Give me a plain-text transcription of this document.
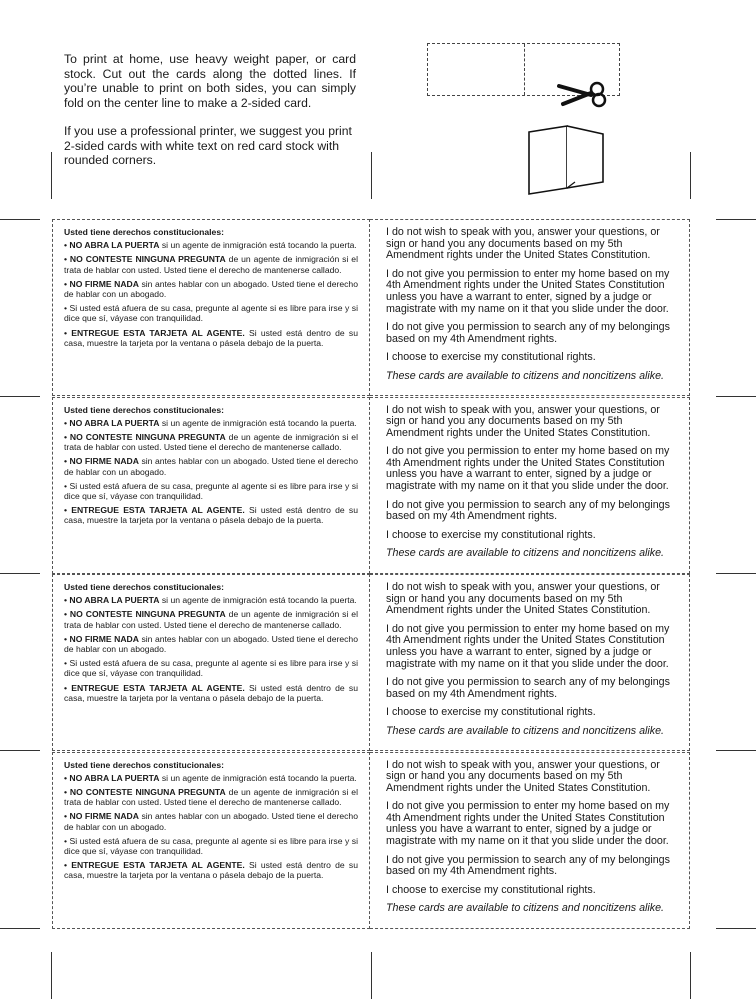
To print at home, use heavy weight paper, or card stock. Cut out the cards along the dotted lines. If you’re unable to print on both sides, you can simply fold on the center line to make a 2-sided card.

If you use a professional printer, we suggest you print 2-sided cards with white text on red card stock with rounded corners.

Usted tiene derechos constitucionales:
• NO ABRA LA PUERTA si un agente de inmigración está tocando la puerta.
• NO CONTESTE NINGUNA PREGUNTA de un agente de inmigración si el trata de hablar con usted. Usted tiene el derecho de mantenerse callado.
• NO FIRME NADA sin antes hablar con un abogado. Usted tiene el derecho de hablar con un abogado.
• Si usted está afuera de su casa, pregunte al agente si es libre para irse y si dice que sí, váyase con tranquilidad.
• ENTREGUE ESTA TARJETA AL AGENTE. Si usted está dentro de su casa, muestre la tarjeta por la ventana o pásela debajo de la puerta.
I do not wish to speak with you, answer your questions, or sign or hand you any documents based on my 5th Amendment rights under the United States Constitution.
I do not give you permission to enter my home based on my 4th Amendment rights under the United States Constitution unless you have a warrant to enter, signed by a judge or magistrate with my name on it that you slide under the door.
I do not give you permission to search any of my belongings based on my 4th Amendment rights.
I choose to exercise my constitutional rights.
These cards are available to citizens and noncitizens alike.
Usted tiene derechos constitucionales:
• NO ABRA LA PUERTA si un agente de inmigración está tocando la puerta.
• NO CONTESTE NINGUNA PREGUNTA de un agente de inmigración si el trata de hablar con usted. Usted tiene el derecho de mantenerse callado.
• NO FIRME NADA sin antes hablar con un abogado. Usted tiene el derecho de hablar con un abogado.
• Si usted está afuera de su casa, pregunte al agente si es libre para irse y si dice que sí, váyase con tranquilidad.
• ENTREGUE ESTA TARJETA AL AGENTE. Si usted está dentro de su casa, muestre la tarjeta por la ventana o pásela debajo de la puerta.
I do not wish to speak with you, answer your questions, or sign or hand you any documents based on my 5th Amendment rights under the United States Constitution.
I do not give you permission to enter my home based on my 4th Amendment rights under the United States Constitution unless you have a warrant to enter, signed by a judge or magistrate with my name on it that you slide under the door.
I do not give you permission to search any of my belongings based on my 4th Amendment rights.
I choose to exercise my constitutional rights.
These cards are available to citizens and noncitizens alike.
Usted tiene derechos constitucionales:
• NO ABRA LA PUERTA si un agente de inmigración está tocando la puerta.
• NO CONTESTE NINGUNA PREGUNTA de un agente de inmigración si el trata de hablar con usted. Usted tiene el derecho de mantenerse callado.
• NO FIRME NADA sin antes hablar con un abogado. Usted tiene el derecho de hablar con un abogado.
• Si usted está afuera de su casa, pregunte al agente si es libre para irse y si dice que sí, váyase con tranquilidad.
• ENTREGUE ESTA TARJETA AL AGENTE. Si usted está dentro de su casa, muestre la tarjeta por la ventana o pásela debajo de la puerta.
I do not wish to speak with you, answer your questions, or sign or hand you any documents based on my 5th Amendment rights under the United States Constitution.
I do not give you permission to enter my home based on my 4th Amendment rights under the United States Constitution unless you have a warrant to enter, signed by a judge or magistrate with my name on it that you slide under the door.
I do not give you permission to search any of my belongings based on my 4th Amendment rights.
I choose to exercise my constitutional rights.
These cards are available to citizens and noncitizens alike.
Usted tiene derechos constitucionales:
• NO ABRA LA PUERTA si un agente de inmigración está tocando la puerta.
• NO CONTESTE NINGUNA PREGUNTA de un agente de inmigración si el trata de hablar con usted. Usted tiene el derecho de mantenerse callado.
• NO FIRME NADA sin antes hablar con un abogado. Usted tiene el derecho de hablar con un abogado.
• Si usted está afuera de su casa, pregunte al agente si es libre para irse y si dice que sí, váyase con tranquilidad.
• ENTREGUE ESTA TARJETA AL AGENTE. Si usted está dentro de su casa, muestre la tarjeta por la ventana o pásela debajo de la puerta.
I do not wish to speak with you, answer your questions, or sign or hand you any documents based on my 5th Amendment rights under the United States Constitution.
I do not give you permission to enter my home based on my 4th Amendment rights under the United States Constitution unless you have a warrant to enter, signed by a judge or magistrate with my name on it that you slide under the door.
I do not give you permission to search any of my belongings based on my 4th Amendment rights.
I choose to exercise my constitutional rights.
These cards are available to citizens and noncitizens alike.
